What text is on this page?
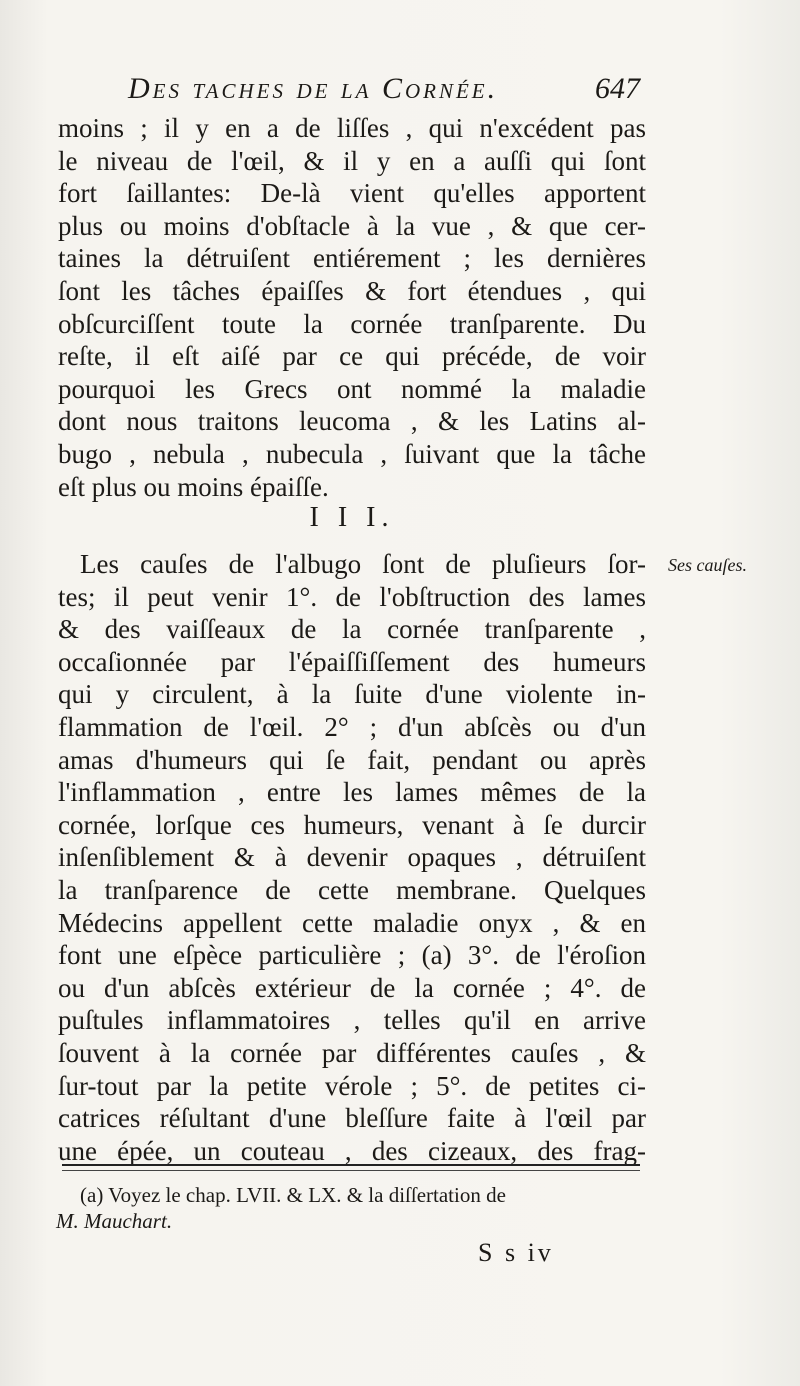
Des taches de la Cornée.	647
moins ; il y en a de liſſes , qui n'excédent pas
le niveau de l'œil, & il y en a auſſi qui ſont
fort ſaillantes: De-là vient qu'elles apportent
plus ou moins d'obſtacle à la vue , & que cer-
taines la détruiſent entiérement ; les dernières
ſont les tâches épaiſſes & fort étendues , qui
obſcurciſſent toute la cornée tranſparente. Du
reſte, il eſt aiſé par ce qui précéde, de voir
pourquoi les Grecs ont nommé la maladie
dont nous traitons leucoma , & les Latins al-
bugo , nebula , nubecula , ſuivant que la tâche
eſt plus ou moins épaiſſe.
I I I.
Ses cauſes.
Les cauſes de l'albugo ſont de pluſieurs ſor-
tes; il peut venir 1°. de l'obſtruction des lames
& des vaiſſeaux de la cornée tranſparente ,
occaſionnée par l'épaiſſiſſement des humeurs
qui y circulent, à la ſuite d'une violente in-
flammation de l'œil. 2° ; d'un abſcès ou d'un
amas d'humeurs qui ſe fait, pendant ou après
l'inflammation , entre les lames mêmes de la
cornée, lorſque ces humeurs, venant à ſe durcir
inſenſiblement & à devenir opaques , détruiſent
la tranſparence de cette membrane. Quelques
Médecins appellent cette maladie onyx , & en
font une eſpèce particulière ; (a) 3°. de l'éroſion
ou d'un abſcès extérieur de la cornée ; 4°. de
puſtules inflammatoires , telles qu'il en arrive
ſouvent à la cornée par différentes cauſes , &
ſur-tout par la petite vérole ; 5°. de petites ci-
catrices réſultant d'une bleſſure faite à l'œil par
une épée, un couteau , des cizeaux, des frag-
(a) Voyez le chap. LVII. & LX. & la diſſertation de
M. Mauchart.
S s iv
